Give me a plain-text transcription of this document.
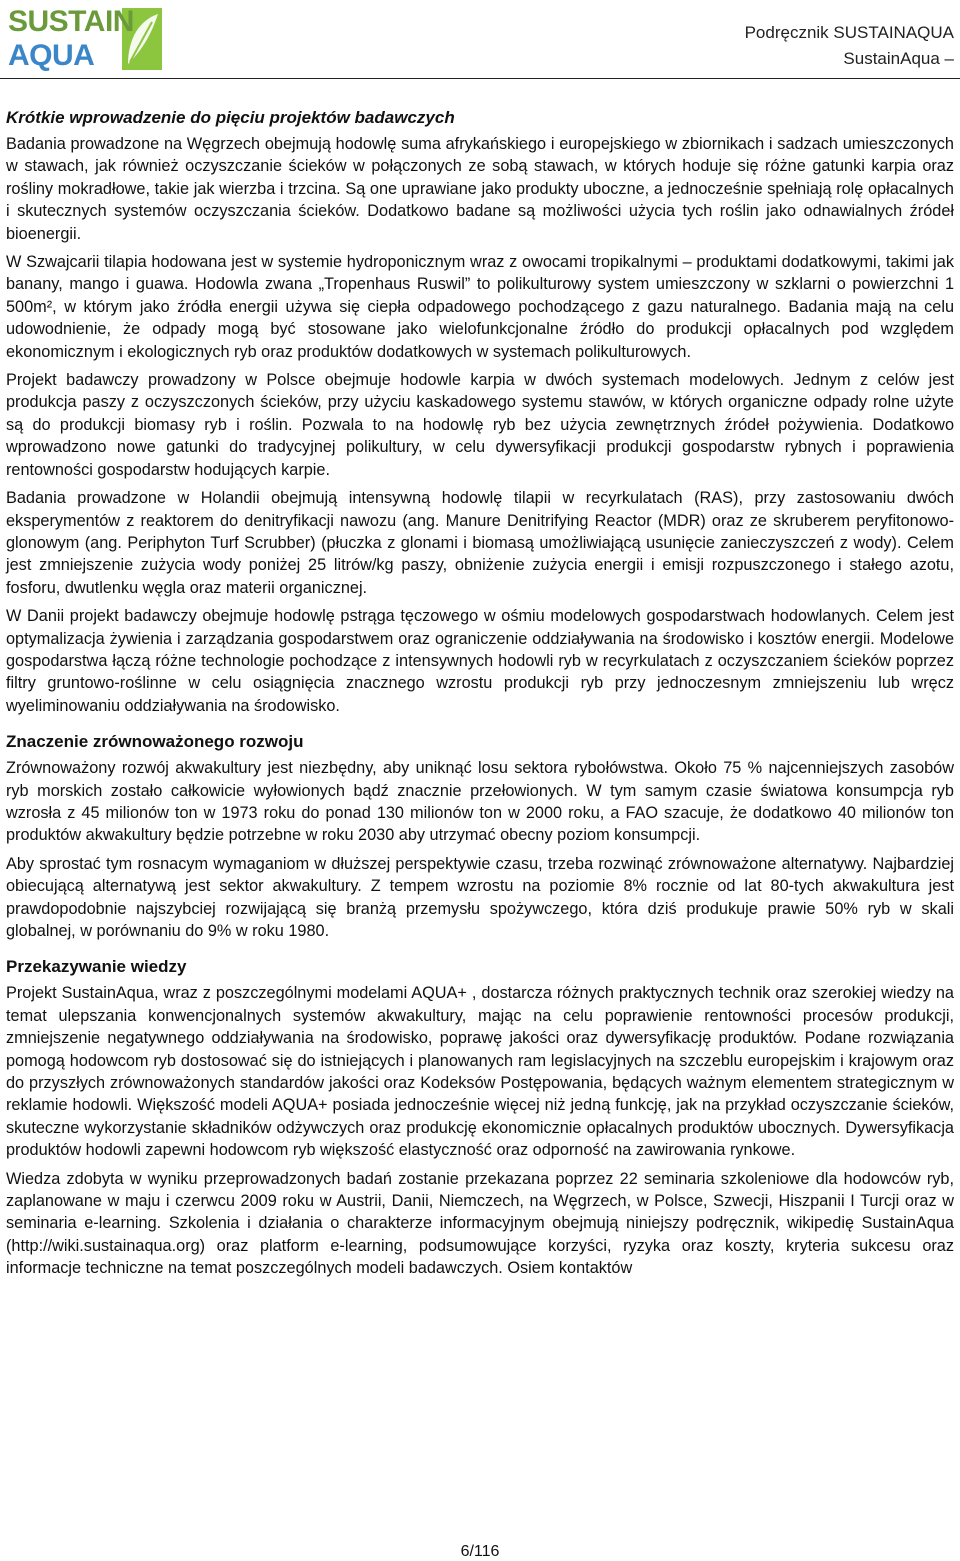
SUSTAIN
AQUA
Podręcznik SUSTAINAQUA
SustainAqua –
Krótkie wprowadzenie do pięciu projektów badawczych

Badania prowadzone na Węgrzech obejmują hodowlę suma afrykańskiego i europejskiego w zbiornikach i sadzach umieszczonych w stawach, jak również oczyszczanie ścieków w połączonych ze sobą stawach, w których hoduje się różne gatunki karpia oraz rośliny mokradłowe, takie jak wierzba i trzcina. Są one uprawiane jako produkty uboczne, a jednocześnie spełniają rolę opłacalnych i skutecznych systemów oczyszczania ścieków. Dodatkowo badane są możliwości użycia tych roślin jako odnawialnych źródeł bioenergii.

W Szwajcarii tilapia hodowana jest w systemie hydroponicznym wraz z owocami tropikalnymi – produktami dodatkowymi, takimi jak banany, mango i guawa. Hodowla zwana „Tropenhaus Ruswil” to polikulturowy system umieszczony w szklarni o powierzchni 1 500m², w którym jako źródła energii używa się ciepła odpadowego pochodzącego z gazu naturalnego. Badania mają na celu udowodnienie, że odpady mogą być stosowane jako wielofunkcjonalne źródło do produkcji opłacalnych pod względem ekonomicznym i ekologicznych ryb oraz produktów dodatkowych w systemach polikulturowych.

Projekt badawczy prowadzony w Polsce obejmuje hodowle karpia w dwóch systemach modelowych. Jednym z celów jest produkcja paszy z oczyszczonych ścieków, przy użyciu kaskadowego systemu stawów, w których organiczne odpady rolne użyte są do produkcji biomasy ryb i roślin. Pozwala to na hodowlę ryb bez użycia zewnętrznych źródeł pożywienia. Dodatkowo wprowadzono nowe gatunki do tradycyjnej polikultury, w celu dywersyfikacji produkcji gospodarstw rybnych i poprawienia rentowności gospodarstw hodujących karpie.

Badania prowadzone w Holandii obejmują intensywną hodowlę tilapii w recyrkulatach (RAS), przy zastosowaniu dwóch eksperymentów z reaktorem do denitryfikacji nawozu (ang. Manure Denitrifying Reactor (MDR) oraz ze skruberem peryfitonowo-glonowym (ang. Periphyton Turf Scrubber) (płuczka z glonami i biomasą umożliwiającą usunięcie zanieczyszczeń z wody). Celem jest zmniejszenie zużycia wody poniżej 25 litrów/kg paszy, obniżenie zużycia energii i emisji rozpuszczonego i stałego azotu, fosforu, dwutlenku węgla oraz materii organicznej.

W Danii projekt badawczy obejmuje hodowlę pstrąga tęczowego w ośmiu modelowych gospodarstwach hodowlanych. Celem jest optymalizacja żywienia i zarządzania gospodarstwem oraz ograniczenie oddziaływania na środowisko i kosztów energii. Modelowe gospodarstwa łączą różne technologie pochodzące z intensywnych hodowli ryb w recyrkulatach z oczyszczaniem ścieków poprzez filtry gruntowo-roślinne w celu osiągnięcia znacznego wzrostu produkcji ryb przy jednoczesnym zmniejszeniu lub wręcz wyeliminowaniu oddziaływania na środowisko.

Znaczenie zrównoważonego rozwoju

Zrównoważony rozwój akwakultury jest niezbędny, aby uniknąć losu sektora rybołówstwa. Około 75 % najcenniejszych zasobów ryb morskich zostało całkowicie wyłowionych bądź znacznie przełowionych. W tym samym czasie światowa konsumpcja ryb wzrosła z 45 milionów ton w 1973 roku do ponad 130 milionów ton w 2000 roku, a FAO szacuje, że dodatkowo 40 milionów ton produktów akwakultury będzie potrzebne w roku 2030 aby utrzymać obecny poziom konsumpcji.

Aby sprostać tym rosnacym wymaganiom w dłuższej perspektywie czasu, trzeba rozwinąć zrównoważone alternatywy. Najbardziej obiecującą alternatywą jest sektor akwakultury. Z tempem wzrostu na poziomie 8% rocznie od lat 80-tych akwakultura jest prawdopodobnie najszybciej rozwijającą się branżą przemysłu spożywczego, która dziś produkuje prawie 50% ryb w skali globalnej, w porównaniu do 9% w roku 1980.

Przekazywanie wiedzy

Projekt SustainAqua, wraz z poszczególnymi modelami AQUA+ , dostarcza różnych praktycznych technik oraz szerokiej wiedzy na temat ulepszania konwencjonalnych systemów akwakultury, mając na celu poprawienie rentowności procesów produkcji, zmniejszenie negatywnego oddziaływania na środowisko, poprawę jakości oraz dywersyfikację produktów. Podane rozwiązania pomogą hodowcom ryb dostosować się do istniejących i planowanych ram legislacyjnych na szczeblu europejskim i krajowym oraz do przyszłych zrównoważonych standardów jakości oraz Kodeksów Postępowania, będących ważnym elementem strategicznym w reklamie hodowli. Większość modeli AQUA+ posiada jednocześnie więcej niż jedną funkcję, jak na przykład oczyszczanie ścieków, skuteczne wykorzystanie składników odżywczych oraz produkcję ekonomicznie opłacalnych produktów ubocznych. Dywersyfikacja produktów hodowli zapewni hodowcom ryb większość elastyczność oraz odporność na zawirowania rynkowe.

Wiedza zdobyta w wyniku przeprowadzonych badań zostanie przekazana poprzez 22 seminaria szkoleniowe dla hodowców ryb, zaplanowane w maju i czerwcu 2009 roku w Austrii, Danii, Niemczech, na Węgrzech, w Polsce, Szwecji, Hiszpanii I Turcji oraz w seminaria e-learning. Szkolenia i działania o charakterze informacyjnym obejmują niniejszy podręcznik, wikipedię SustainAqua (http://wiki.sustainaqua.org) oraz platform e-learning, podsumowujące korzyści, ryzyka oraz koszty, kryteria sukcesu oraz informacje techniczne na temat poszczególnych modeli badawczych. Osiem kontaktów

6/116
